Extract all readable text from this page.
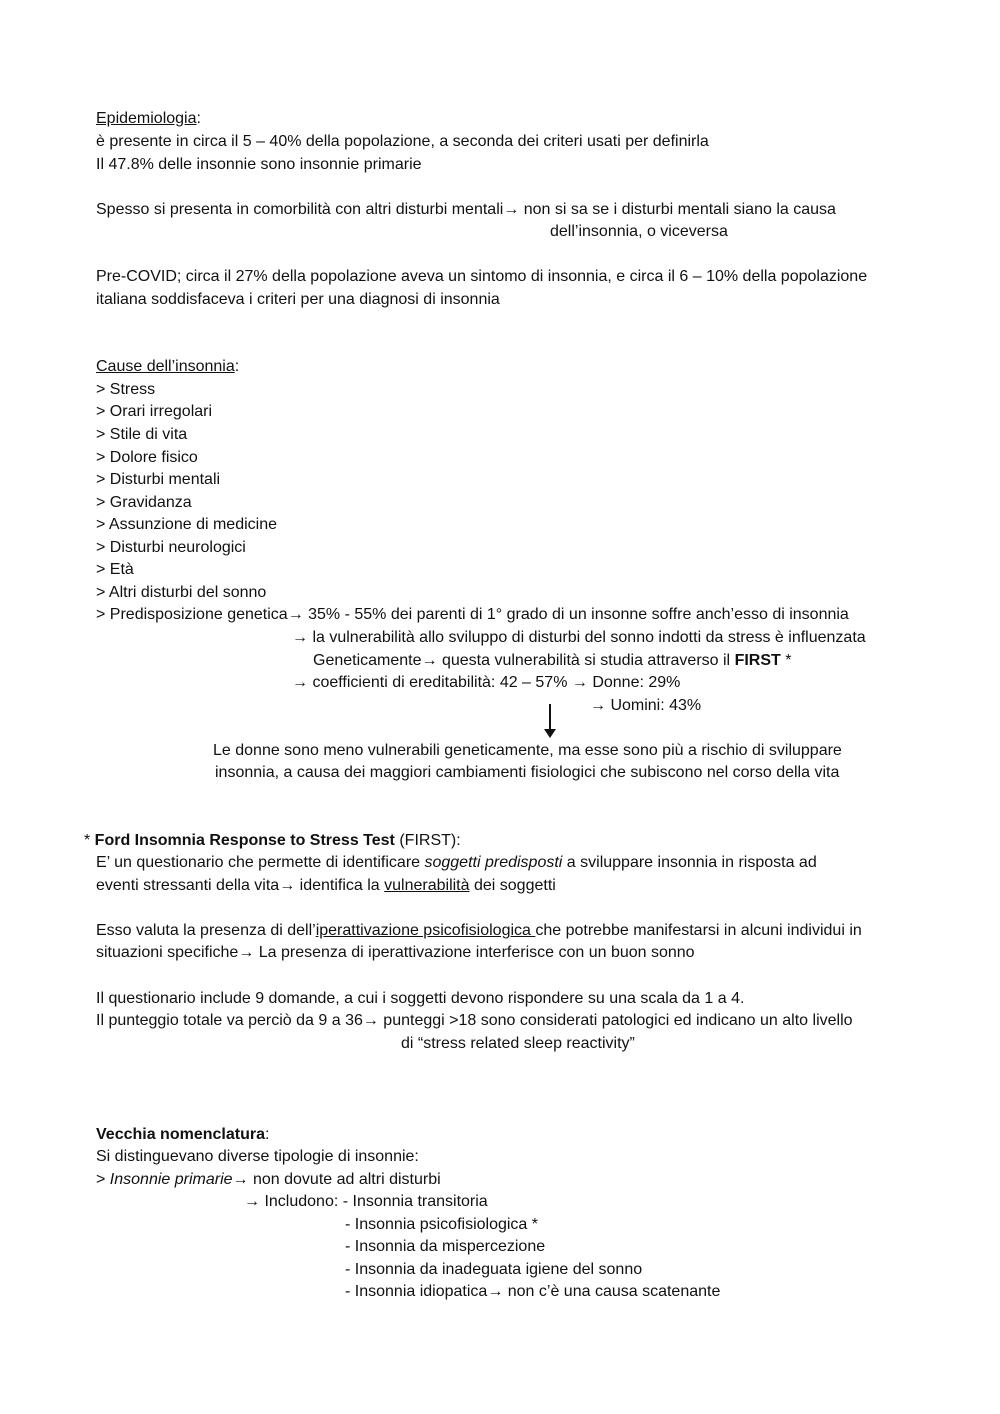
Epidemiologia:
è presente in circa il 5 – 40% della popolazione, a seconda dei criteri usati per definirla
Il 47.8% delle insonnie sono insonnie primarie
Spesso si presenta in comorbilità con altri disturbi mentali→ non si sa se i disturbi mentali siano la causa
dell’insonnia, o viceversa
Pre-COVID; circa il 27% della popolazione aveva un sintomo di insonnia, e circa il 6 – 10% della popolazione
italiana soddisfaceva i criteri per una diagnosi di insonnia
Cause dell’insonnia:
> Stress
> Orari irregolari
> Stile di vita
> Dolore fisico
> Disturbi mentali
> Gravidanza
> Assunzione di medicine
> Disturbi neurologici
> Età
> Altri disturbi del sonno
> Predisposizione genetica→ 35% - 55% dei parenti di 1° grado di un insonne soffre anch’esso di insonnia
→ la vulnerabilità allo sviluppo di disturbi del sonno indotti da stress è influenzata
Geneticamente→ questa vulnerabilità si studia attraverso il FIRST *
→ coefficienti di ereditabilità: 42 – 57% → Donne: 29%
→ Uomini: 43%
Le donne sono meno vulnerabili geneticamente, ma esse sono più a rischio di sviluppare
insonnia, a causa dei maggiori cambiamenti fisiologici che subiscono nel corso della vita
* Ford Insomnia Response to Stress Test (FIRST):
E’ un questionario che permette di identificare soggetti predisposti a sviluppare insonnia in risposta ad
eventi stressanti della vita→ identifica la vulnerabilità dei soggetti
Esso valuta la presenza di dell’iperattivazione psicofisiologica che potrebbe manifestarsi in alcuni individui in
situazioni specifiche→ La presenza di iperattivazione interferisce con un buon sonno
Il questionario include 9 domande, a cui i soggetti devono rispondere su una scala da 1 a 4.
Il punteggio totale va perciò da 9 a 36→ punteggi >18 sono considerati patologici ed indicano un alto livello
di “stress related sleep reactivity”
Vecchia nomenclatura:
Si distinguevano diverse tipologie di insonnie:
> Insonnie primarie→ non dovute ad altri disturbi
→ Includono: - Insonnia transitoria
- Insonnia psicofisiologica *
- Insonnia da mispercezione
- Insonnia da inadeguata igiene del sonno
- Insonnia idiopatica→ non c’è una causa scatenante
